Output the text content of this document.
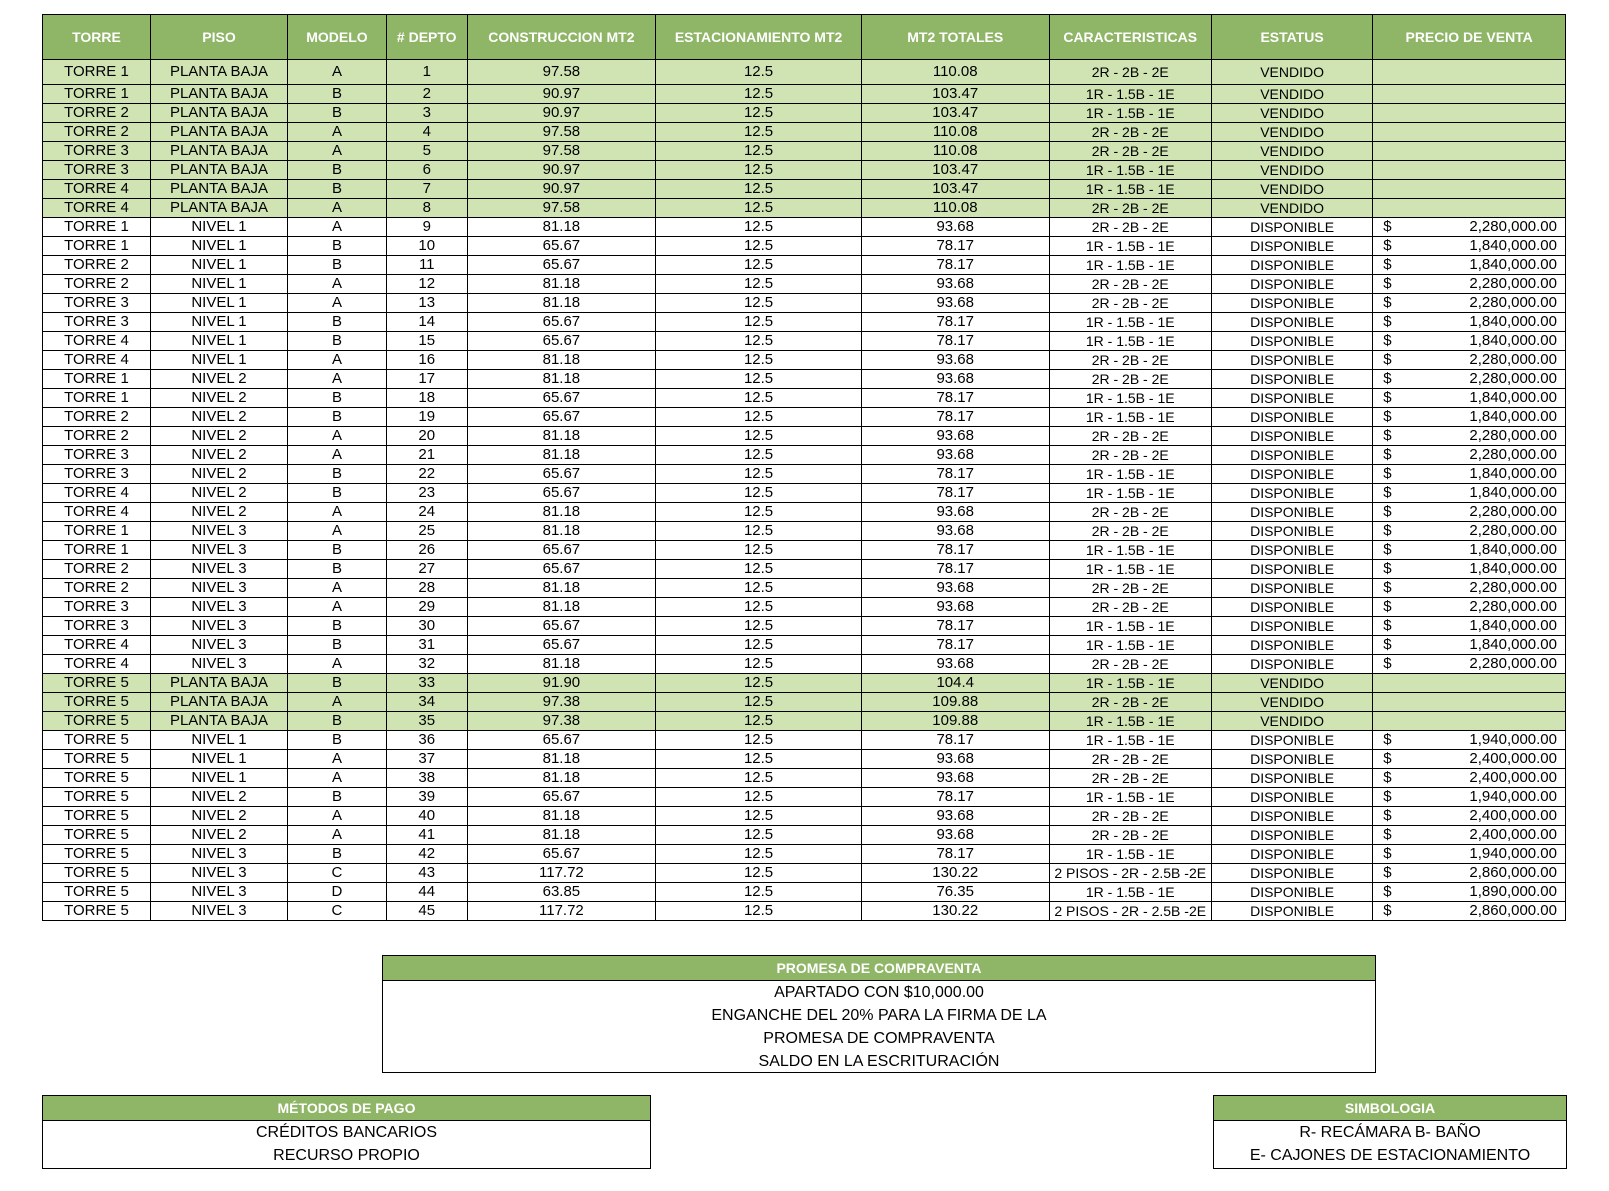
TORRE	PISO	MODELO	# DEPTO	CONSTRUCCION MT2	ESTACIONAMIENTO MT2	MT2 TOTALES	CARACTERISTICAS	ESTATUS	PRECIO DE VENTA
TORRE 1	PLANTA BAJA	A	1	97.58	12.5	110.08	2R - 2B - 2E	VENDIDO	
TORRE 1	PLANTA BAJA	B	2	90.97	12.5	103.47	1R - 1.5B - 1E	VENDIDO	
TORRE 2	PLANTA BAJA	B	3	90.97	12.5	103.47	1R - 1.5B - 1E	VENDIDO	
TORRE 2	PLANTA BAJA	A	4	97.58	12.5	110.08	2R - 2B - 2E	VENDIDO	
TORRE 3	PLANTA BAJA	A	5	97.58	12.5	110.08	2R - 2B - 2E	VENDIDO	
TORRE 3	PLANTA BAJA	B	6	90.97	12.5	103.47	1R - 1.5B - 1E	VENDIDO	
TORRE 4	PLANTA BAJA	B	7	90.97	12.5	103.47	1R - 1.5B - 1E	VENDIDO	
TORRE 4	PLANTA BAJA	A	8	97.58	12.5	110.08	2R - 2B - 2E	VENDIDO	
TORRE 1	NIVEL 1	A	9	81.18	12.5	93.68	2R - 2B - 2E	DISPONIBLE	$ 2,280,000.00
TORRE 1	NIVEL 1	B	10	65.67	12.5	78.17	1R - 1.5B - 1E	DISPONIBLE	$ 1,840,000.00
TORRE 2	NIVEL 1	B	11	65.67	12.5	78.17	1R - 1.5B - 1E	DISPONIBLE	$ 1,840,000.00
TORRE 2	NIVEL 1	A	12	81.18	12.5	93.68	2R - 2B - 2E	DISPONIBLE	$ 2,280,000.00
TORRE 3	NIVEL 1	A	13	81.18	12.5	93.68	2R - 2B - 2E	DISPONIBLE	$ 2,280,000.00
TORRE 3	NIVEL 1	B	14	65.67	12.5	78.17	1R - 1.5B - 1E	DISPONIBLE	$ 1,840,000.00
TORRE 4	NIVEL 1	B	15	65.67	12.5	78.17	1R - 1.5B - 1E	DISPONIBLE	$ 1,840,000.00
TORRE 4	NIVEL 1	A	16	81.18	12.5	93.68	2R - 2B - 2E	DISPONIBLE	$ 2,280,000.00
TORRE 1	NIVEL 2	A	17	81.18	12.5	93.68	2R - 2B - 2E	DISPONIBLE	$ 2,280,000.00
TORRE 1	NIVEL 2	B	18	65.67	12.5	78.17	1R - 1.5B - 1E	DISPONIBLE	$ 1,840,000.00
TORRE 2	NIVEL 2	B	19	65.67	12.5	78.17	1R - 1.5B - 1E	DISPONIBLE	$ 1,840,000.00
TORRE 2	NIVEL 2	A	20	81.18	12.5	93.68	2R - 2B - 2E	DISPONIBLE	$ 2,280,000.00
TORRE 3	NIVEL 2	A	21	81.18	12.5	93.68	2R - 2B - 2E	DISPONIBLE	$ 2,280,000.00
TORRE 3	NIVEL 2	B	22	65.67	12.5	78.17	1R - 1.5B - 1E	DISPONIBLE	$ 1,840,000.00
TORRE 4	NIVEL 2	B	23	65.67	12.5	78.17	1R - 1.5B - 1E	DISPONIBLE	$ 1,840,000.00
TORRE 4	NIVEL 2	A	24	81.18	12.5	93.68	2R - 2B - 2E	DISPONIBLE	$ 2,280,000.00
TORRE 1	NIVEL 3	A	25	81.18	12.5	93.68	2R - 2B - 2E	DISPONIBLE	$ 2,280,000.00
TORRE 1	NIVEL 3	B	26	65.67	12.5	78.17	1R - 1.5B - 1E	DISPONIBLE	$ 1,840,000.00
TORRE 2	NIVEL 3	B	27	65.67	12.5	78.17	1R - 1.5B - 1E	DISPONIBLE	$ 1,840,000.00
TORRE 2	NIVEL 3	A	28	81.18	12.5	93.68	2R - 2B - 2E	DISPONIBLE	$ 2,280,000.00
TORRE 3	NIVEL 3	A	29	81.18	12.5	93.68	2R - 2B - 2E	DISPONIBLE	$ 2,280,000.00
TORRE 3	NIVEL 3	B	30	65.67	12.5	78.17	1R - 1.5B - 1E	DISPONIBLE	$ 1,840,000.00
TORRE 4	NIVEL 3	B	31	65.67	12.5	78.17	1R - 1.5B - 1E	DISPONIBLE	$ 1,840,000.00
TORRE 4	NIVEL 3	A	32	81.18	12.5	93.68	2R - 2B - 2E	DISPONIBLE	$ 2,280,000.00
TORRE 5	PLANTA BAJA	B	33	91.90	12.5	104.4	1R - 1.5B - 1E	VENDIDO	
TORRE 5	PLANTA BAJA	A	34	97.38	12.5	109.88	2R - 2B - 2E	VENDIDO	
TORRE 5	PLANTA BAJA	B	35	97.38	12.5	109.88	1R - 1.5B - 1E	VENDIDO	
TORRE 5	NIVEL 1	B	36	65.67	12.5	78.17	1R - 1.5B - 1E	DISPONIBLE	$ 1,940,000.00
TORRE 5	NIVEL 1	A	37	81.18	12.5	93.68	2R - 2B - 2E	DISPONIBLE	$ 2,400,000.00
TORRE 5	NIVEL 1	A	38	81.18	12.5	93.68	2R - 2B - 2E	DISPONIBLE	$ 2,400,000.00
TORRE 5	NIVEL 2	B	39	65.67	12.5	78.17	1R - 1.5B - 1E	DISPONIBLE	$ 1,940,000.00
TORRE 5	NIVEL 2	A	40	81.18	12.5	93.68	2R - 2B - 2E	DISPONIBLE	$ 2,400,000.00
TORRE 5	NIVEL 2	A	41	81.18	12.5	93.68	2R - 2B - 2E	DISPONIBLE	$ 2,400,000.00
TORRE 5	NIVEL 3	B	42	65.67	12.5	78.17	1R - 1.5B - 1E	DISPONIBLE	$ 1,940,000.00
TORRE 5	NIVEL 3	C	43	117.72	12.5	130.22	2 PISOS - 2R - 2.5B -2E	DISPONIBLE	$ 2,860,000.00
TORRE 5	NIVEL 3	D	44	63.85	12.5	76.35	1R - 1.5B - 1E	DISPONIBLE	$ 1,890,000.00
TORRE 5	NIVEL 3	C	45	117.72	12.5	130.22	2 PISOS - 2R - 2.5B -2E	DISPONIBLE	$ 2,860,000.00
PROMESA DE COMPRAVENTA
APARTADO CON $10,000.00
ENGANCHE DEL 20% PARA LA FIRMA DE LA
PROMESA DE COMPRAVENTA
SALDO EN LA ESCRITURACIÓN
MÉTODOS DE PAGO
CRÉDITOS BANCARIOS
RECURSO PROPIO
SIMBOLOGIA
R- RECÁMARA B- BAÑO
E- CAJONES DE ESTACIONAMIENTO
